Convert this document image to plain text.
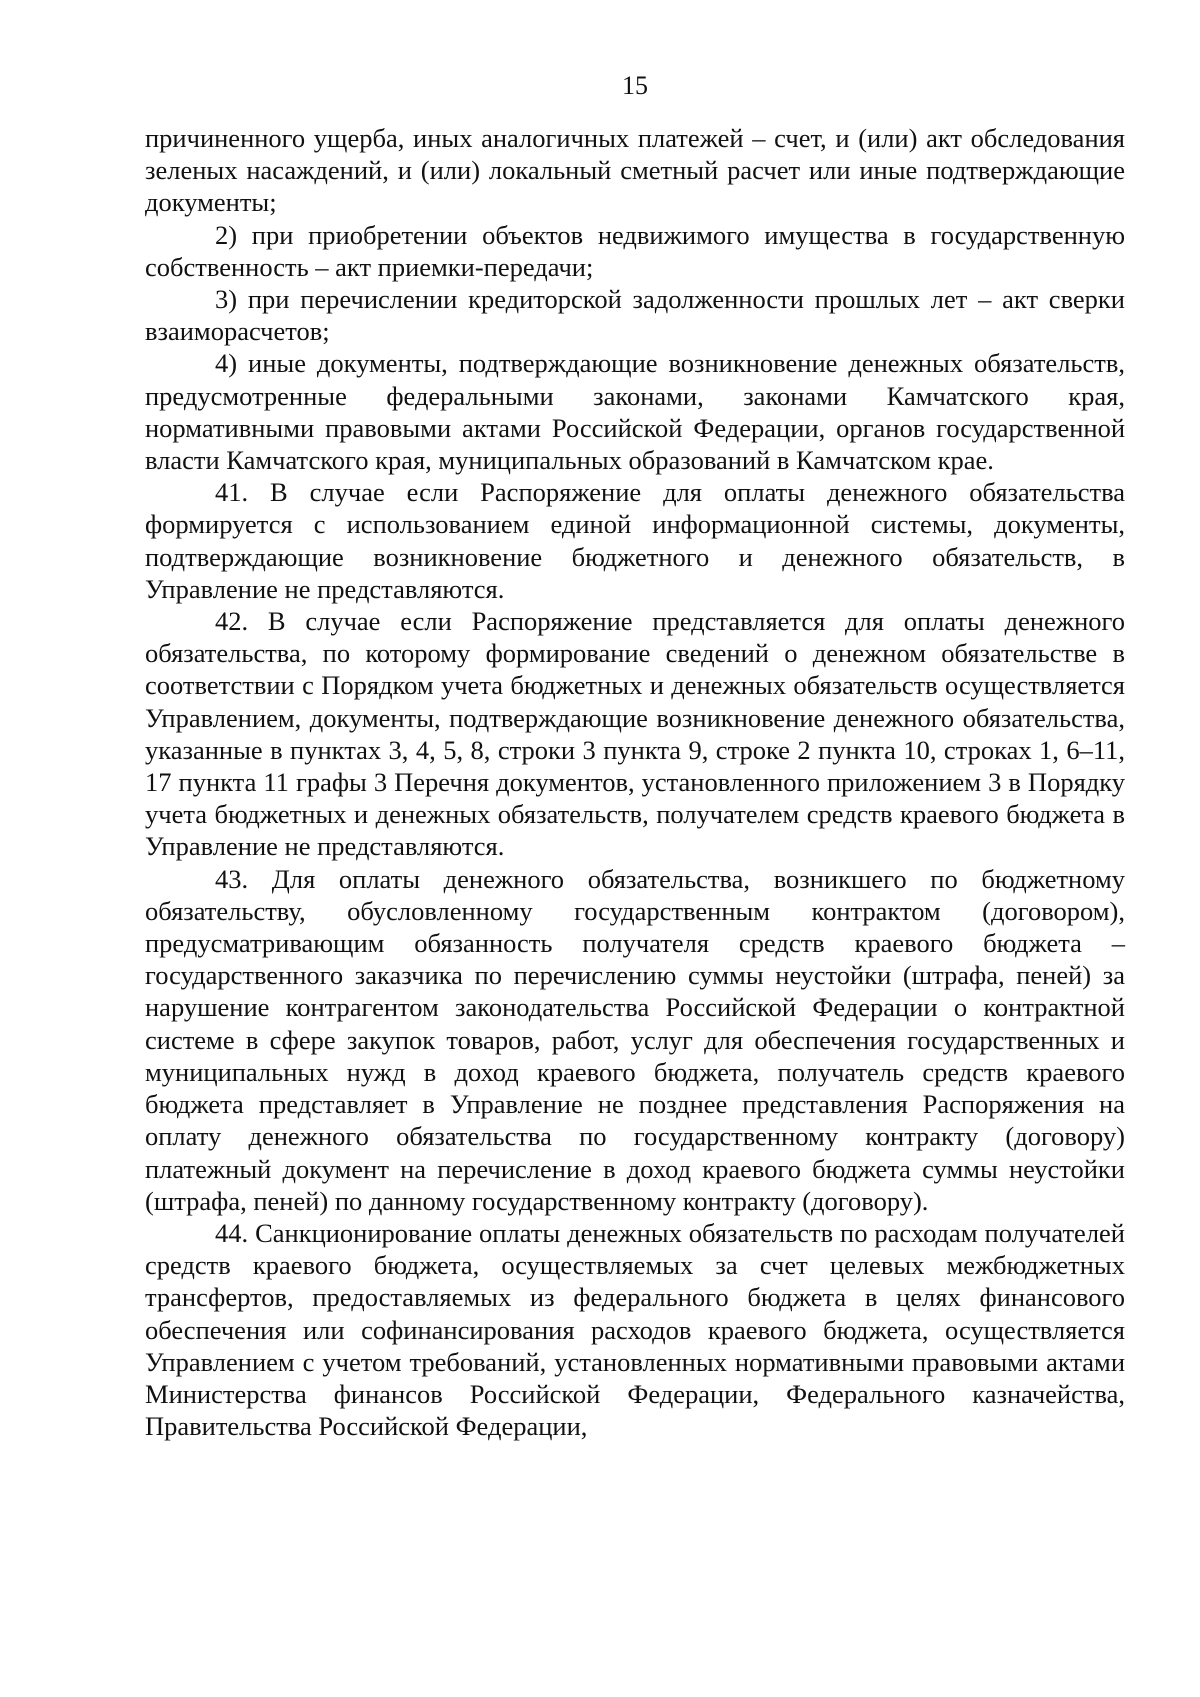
15

причиненного ущерба, иных аналогичных платежей – счет, и (или) акт обследования зеленых насаждений, и (или) локальный сметный расчет или иные подтверждающие документы;

2) при приобретении объектов недвижимого имущества в государственную собственность – акт приемки-передачи;

3) при перечислении кредиторской задолженности прошлых лет – акт сверки взаиморасчетов;

4) иные документы, подтверждающие возникновение денежных обязательств, предусмотренные федеральными законами, законами Камчатского края, нормативными правовыми актами Российской Федерации, органов государственной власти Камчатского края, муниципальных образований в Камчатском крае.

41. В случае если Распоряжение для оплаты денежного обязательства формируется с использованием единой информационной системы, документы, подтверждающие возникновение бюджетного и денежного обязательств, в Управление не представляются.

42. В случае если Распоряжение представляется для оплаты денежного обязательства, по которому формирование сведений о денежном обязательстве в соответствии с Порядком учета бюджетных и денежных обязательств осуществляется Управлением, документы, подтверждающие возникновение денежного обязательства, указанные в пунктах 3, 4, 5, 8, строки 3 пункта 9, строке 2 пункта 10, строках 1, 6–11, 17 пункта 11 графы 3 Перечня документов, установленного приложением 3 в Порядку учета бюджетных и денежных обязательств, получателем средств краевого бюджета в Управление не представляются.

43. Для оплаты денежного обязательства, возникшего по бюджетному обязательству, обусловленному государственным контрактом (договором), предусматривающим обязанность получателя средств краевого бюджета – государственного заказчика по перечислению суммы неустойки (штрафа, пеней) за нарушение контрагентом законодательства Российской Федерации о контрактной системе в сфере закупок товаров, работ, услуг для обеспечения государственных и муниципальных нужд в доход краевого бюджета, получатель средств краевого бюджета представляет в Управление не позднее представления Распоряжения на оплату денежного обязательства по государственному контракту (договору) платежный документ на перечисление в доход краевого бюджета суммы неустойки (штрафа, пеней) по данному государственному контракту (договору).

44. Санкционирование оплаты денежных обязательств по расходам получателей средств краевого бюджета, осуществляемых за счет целевых межбюджетных трансфертов, предоставляемых из федерального бюджета в целях финансового обеспечения или софинансирования расходов краевого бюджета, осуществляется Управлением с учетом требований, установленных нормативными правовыми актами Министерства финансов Российской Федерации, Федерального казначейства, Правительства Российской Федерации,
